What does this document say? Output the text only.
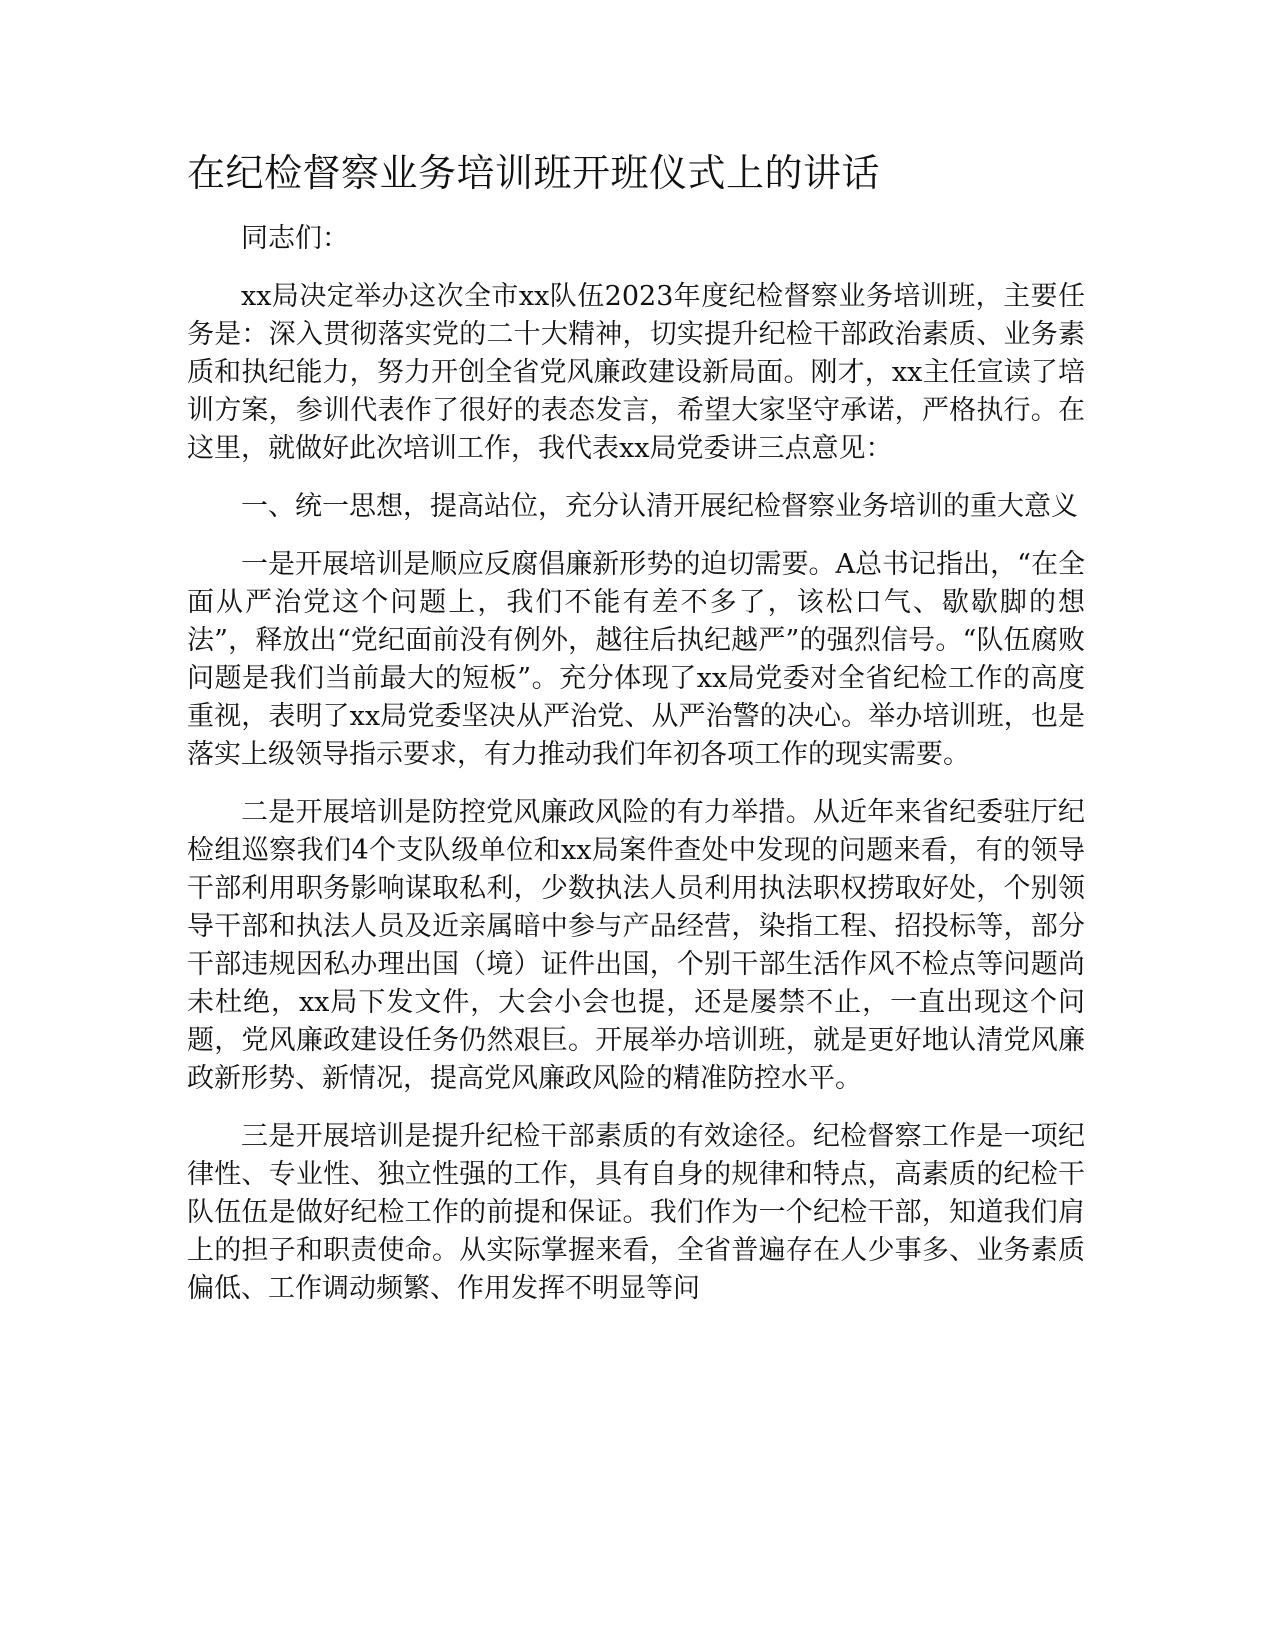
在纪检督察业务培训班开班仪式上的讲话

同志们：

xx局决定举办这次全市xx队伍2023年度纪检督察业务培训班，主要任务是：深入贯彻落实党的二十大精神，切实提升纪检干部政治素质、业务素质和执纪能力，努力开创全省党风廉政建设新局面。刚才，xx主任宣读了培训方案，参训代表作了很好的表态发言，希望大家坚守承诺，严格执行。在这里，就做好此次培训工作，我代表xx局党委讲三点意见：

一、统一思想，提高站位，充分认清开展纪检督察业务培训的重大意义

一是开展培训是顺应反腐倡廉新形势的迫切需要。A总书记指出，“在全面从严治党这个问题上，我们不能有差不多了，该松口气、歇歇脚的想法”，释放出“党纪面前没有例外，越往后执纪越严”的强烈信号。“队伍腐败问题是我们当前最大的短板”。充分体现了xx局党委对全省纪检工作的高度重视，表明了xx局党委坚决从严治党、从严治警的决心。举办培训班，也是落实上级领导指示要求，有力推动我们年初各项工作的现实需要。

二是开展培训是防控党风廉政风险的有力举措。从近年来省纪委驻厅纪检组巡察我们4个支队级单位和xx局案件查处中发现的问题来看，有的领导干部利用职务影响谋取私利，少数执法人员利用执法职权捞取好处，个别领导干部和执法人员及近亲属暗中参与产品经营，染指工程、招投标等，部分干部违规因私办理出国（境）证件出国，个别干部生活作风不检点等问题尚未杜绝，xx局下发文件，大会小会也提，还是屡禁不止，一直出现这个问题，党风廉政建设任务仍然艰巨。开展举办培训班，就是更好地认清党风廉政新形势、新情况，提高党风廉政风险的精准防控水平。

三是开展培训是提升纪检干部素质的有效途径。纪检督察工作是一项纪律性、专业性、独立性强的工作，具有自身的规律和特点，高素质的纪检干队伍伍是做好纪检工作的前提和保证。我们作为一个纪检干部，知道我们肩上的担子和职责使命。从实际掌握来看，全省普遍存在人少事多、业务素质偏低、工作调动频繁、作用发挥不明显等问
